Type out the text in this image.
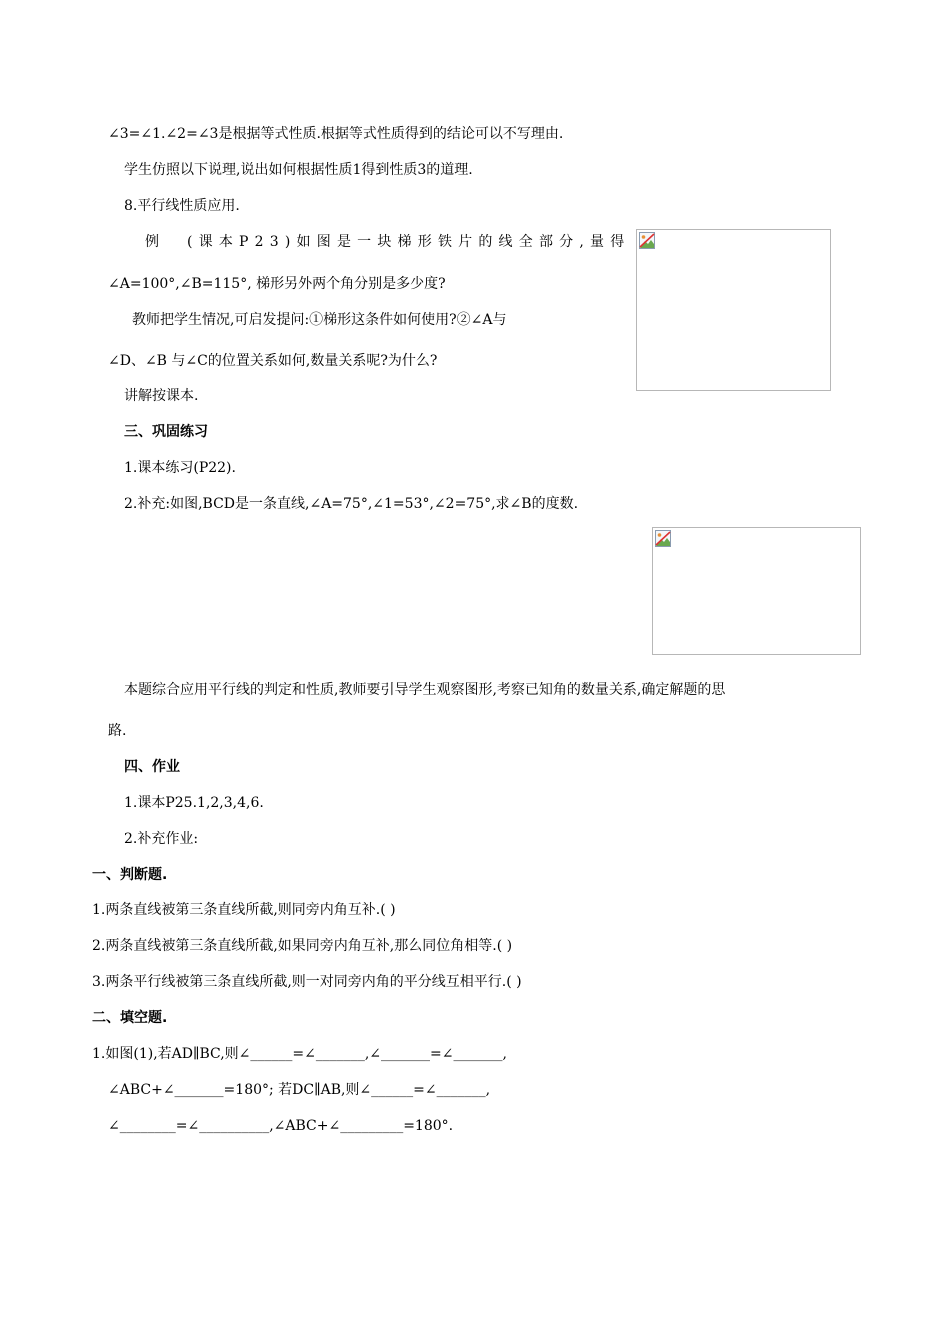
∠3=∠1.∠2=∠3是根据等式性质.根据等式性质得到的结论可以不写理由.
学生仿照以下说理,说出如何根据性质1得到性质3的道理.
8.平行线性质应用.
例 (课本P23)如图是一块梯形铁片的线全部分,量得
∠A=100°,∠B=115°, 梯形另外两个角分别是多少度?
教师把学生情况,可启发提问:①梯形这条件如何使用?②∠A与
∠D、∠B 与∠C的位置关系如何,数量关系呢?为什么?
讲解按课本.
三、巩固练习
1.课本练习(P22).
2.补充:如图,BCD是一条直线,∠A=75°,∠1=53°,∠2=75°,求∠B的度数.
本题综合应用平行线的判定和性质,教师要引导学生观察图形,考察已知角的数量关系,确定解题的思
路.
四、作业
1.课本P25.1,2,3,4,6.
2.补充作业:
一、判断题.
1.两条直线被第三条直线所截,则同旁内角互补.( )
2.两条直线被第三条直线所截,如果同旁内角互补,那么同位角相等.( )
3.两条平行线被第三条直线所截,则一对同旁内角的平分线互相平行.( )
二、填空题.
1.如图(1),若AD∥BC,则∠______=∠_______,∠_______=∠_______,
∠ABC+∠_______=180°; 若DC∥AB,则∠______=∠_______,
∠________=∠__________,∠ABC+∠_________=180°.
